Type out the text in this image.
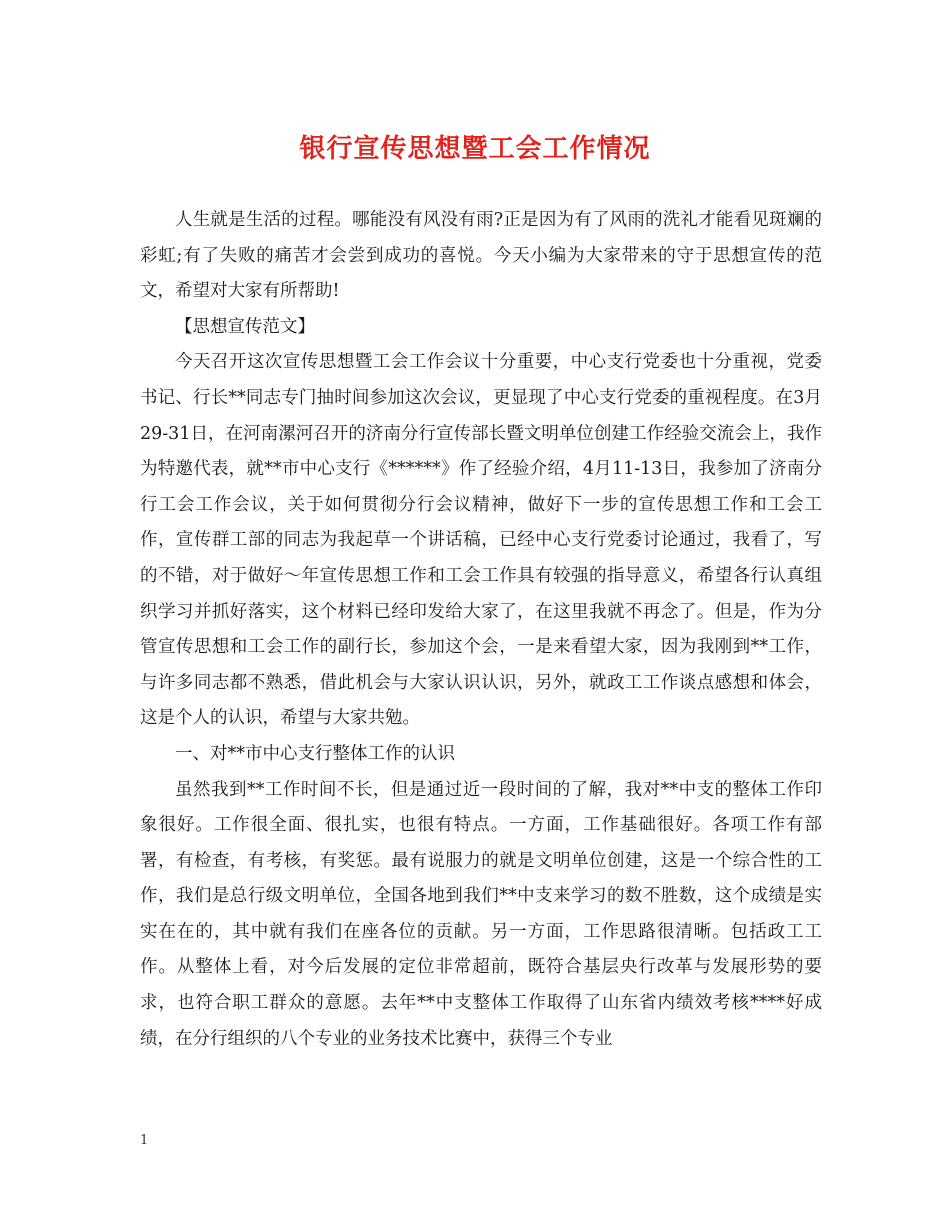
银行宣传思想暨工会工作情况

人生就是生活的过程。哪能没有风没有雨?正是因为有了风雨的洗礼才能看见斑斓的彩虹;有了失败的痛苦才会尝到成功的喜悦。今天小编为大家带来的守于思想宣传的范文，希望对大家有所帮助!

【思想宣传范文】

今天召开这次宣传思想暨工会工作会议十分重要，中心支行党委也十分重视，党委书记、行长**同志专门抽时间参加这次会议，更显现了中心支行党委的重视程度。在3月29-31日，在河南漯河召开的济南分行宣传部长暨文明单位创建工作经验交流会上，我作为特邀代表，就**市中心支行《******》作了经验介绍，4月11-13日，我参加了济南分行工会工作会议，关于如何贯彻分行会议精神，做好下一步的宣传思想工作和工会工作，宣传群工部的同志为我起草一个讲话稿，已经中心支行党委讨论通过，我看了，写的不错，对于做好～年宣传思想工作和工会工作具有较强的指导意义，希望各行认真组织学习并抓好落实，这个材料已经印发给大家了，在这里我就不再念了。但是，作为分管宣传思想和工会工作的副行长，参加这个会，一是来看望大家，因为我刚到**工作，与许多同志都不熟悉，借此机会与大家认识认识，另外，就政工工作谈点感想和体会，这是个人的认识，希望与大家共勉。

一、对**市中心支行整体工作的认识

虽然我到**工作时间不长，但是通过近一段时间的了解，我对**中支的整体工作印象很好。工作很全面、很扎实，也很有特点。一方面，工作基础很好。各项工作有部署，有检查，有考核，有奖惩。最有说服力的就是文明单位创建，这是一个综合性的工作，我们是总行级文明单位，全国各地到我们**中支来学习的数不胜数，这个成绩是实实在在的，其中就有我们在座各位的贡献。另一方面，工作思路很清晰。包括政工工作。从整体上看，对今后发展的定位非常超前，既符合基层央行改革与发展形势的要求，也符合职工群众的意愿。去年**中支整体工作取得了山东省内绩效考核****好成绩，在分行组织的八个专业的业务技术比赛中，获得三个专业

1
